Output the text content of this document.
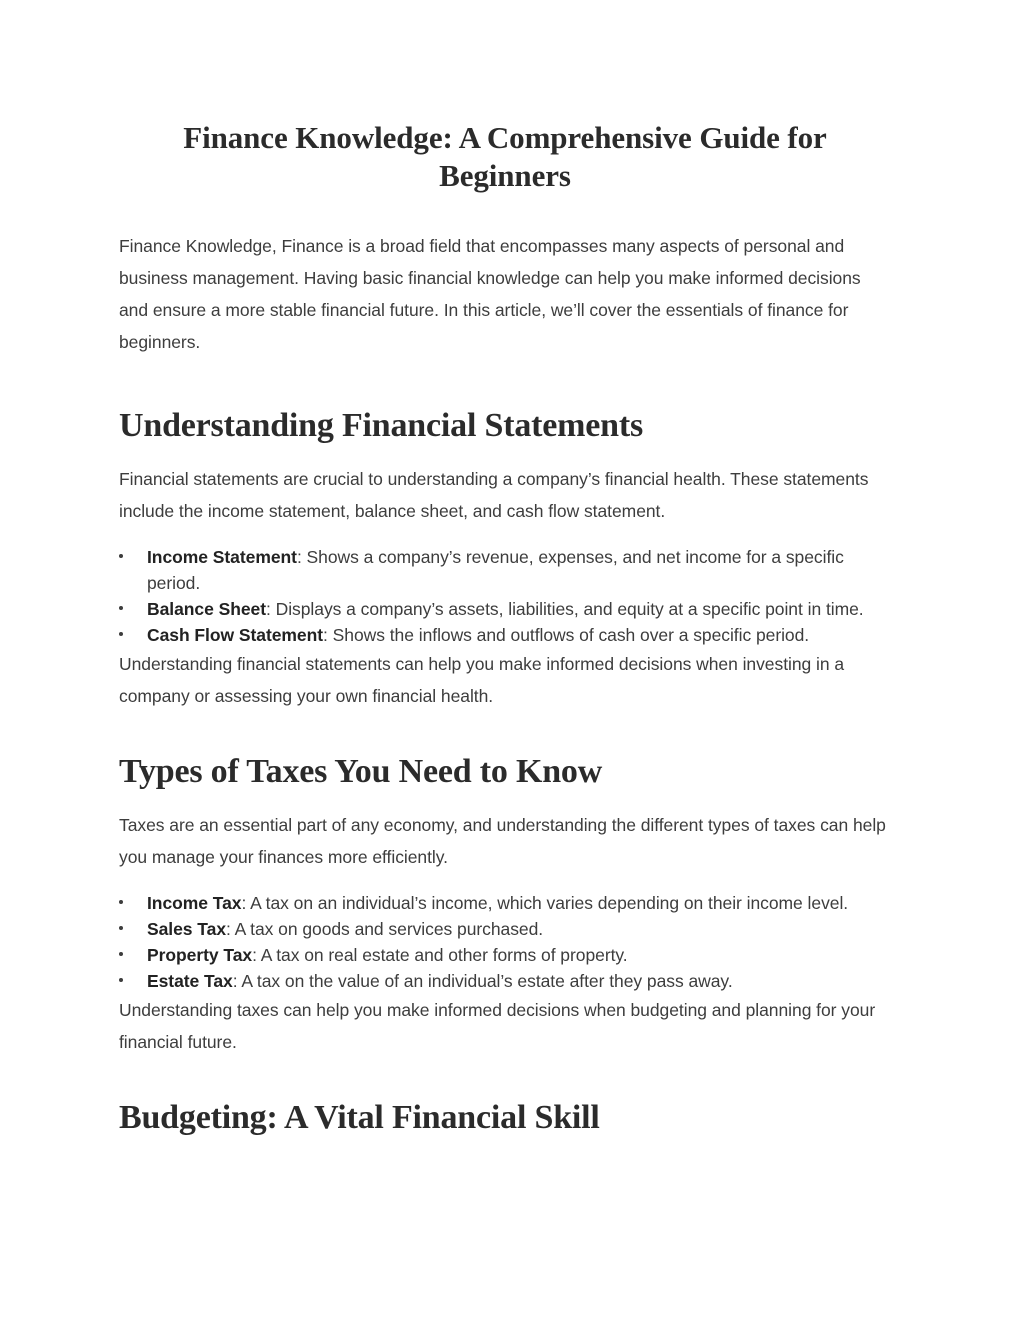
Finance Knowledge: A Comprehensive Guide for Beginners

Finance Knowledge, Finance is a broad field that encompasses many aspects of personal and business management. Having basic financial knowledge can help you make informed decisions and ensure a more stable financial future. In this article, we’ll cover the essentials of finance for beginners.

Understanding Financial Statements

Financial statements are crucial to understanding a company’s financial health. These statements include the income statement, balance sheet, and cash flow statement.

Income Statement: Shows a company’s revenue, expenses, and net income for a specific period.
Balance Sheet: Displays a company’s assets, liabilities, and equity at a specific point in time.
Cash Flow Statement: Shows the inflows and outflows of cash over a specific period.

Understanding financial statements can help you make informed decisions when investing in a company or assessing your own financial health.

Types of Taxes You Need to Know

Taxes are an essential part of any economy, and understanding the different types of taxes can help you manage your finances more efficiently.

Income Tax: A tax on an individual’s income, which varies depending on their income level.
Sales Tax: A tax on goods and services purchased.
Property Tax: A tax on real estate and other forms of property.
Estate Tax: A tax on the value of an individual’s estate after they pass away.

Understanding taxes can help you make informed decisions when budgeting and planning for your financial future.

Budgeting: A Vital Financial Skill
